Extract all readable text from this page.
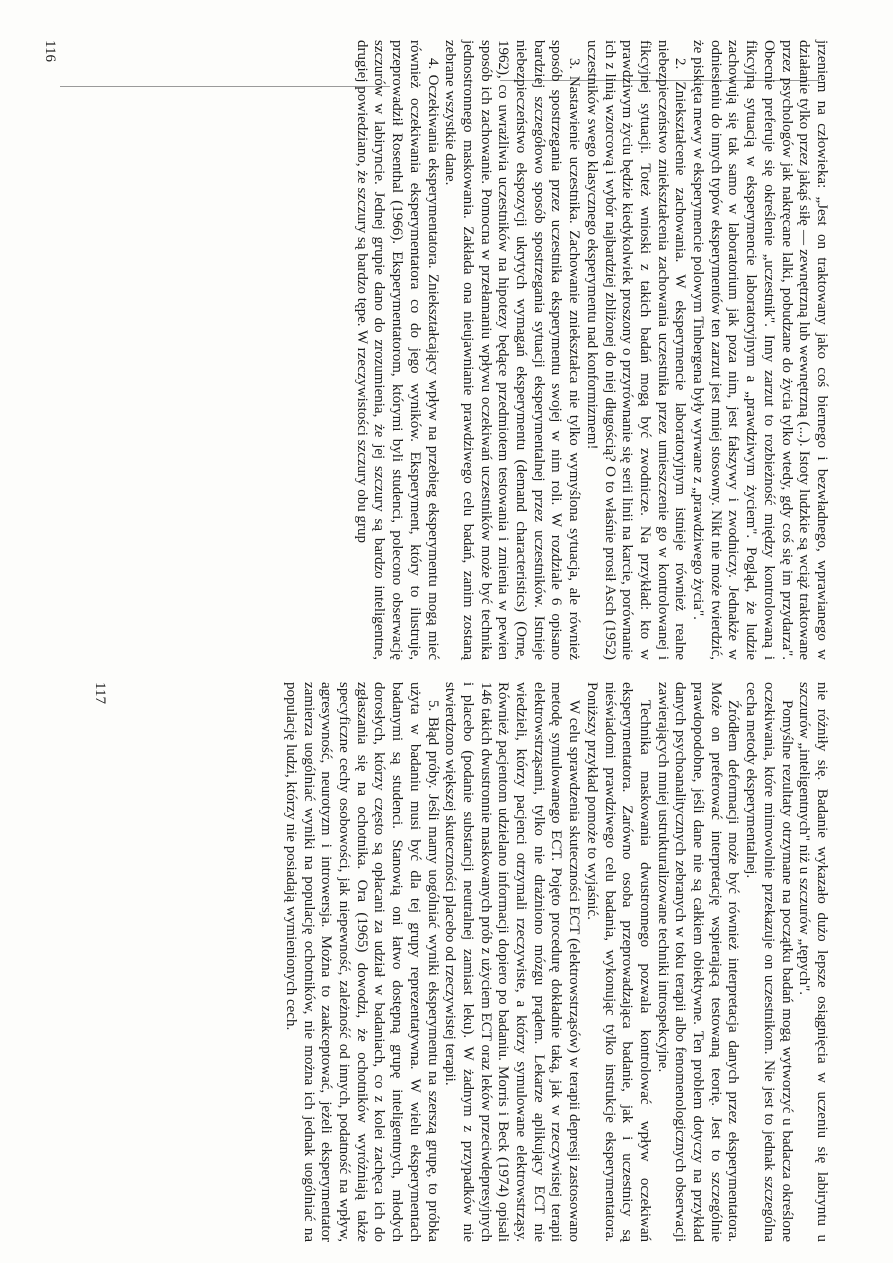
nie różniły się. Badanie wykazało dużo lepsze osiągnięcia w uczeniu się labiryntu u szczurów „inteligentnych" niż u szczurów „tępych".

Pomyślne rezultaty otrzymane na początku badań mogą wytworzyć u badacza określone oczekiwania, które mimowolnie przekazuje on uczestnikom. Nie jest to jednak szczególna cecha metody eksperymentalnej.

Źródłem deformacji może być również interpretacja danych przez eksperymentatora. Może on preferować interpretację wspierającą testowaną teorię. Jest to szczególnie prawdopodobne, jeśli dane nie są całkiem obiektywne. Ten problem dotyczy na przykład danych psychoanalitycznych zebranych w toku terapii albo fenomenologicznych obserwacji zawierających mniej ustrukturalizowane techniki introspekcyjne.

Technika maskowania dwustronnego pozwala kontrolować wpływ oczekiwań eksperymentatora. Zarówno osoba przeprowadzająca badanie, jak i uczestnicy są nieświadomi prawdziwego celu badania, wykonując tylko instrukcje eksperymentatora. Poniższy przykład pomoże to wyjaśnić.

W celu sprawdzenia skuteczności ECT (elektrowstrząsów) w terapii depresji zastosowano metodę symulowanego ECT. Pojęto procedurę dokładnie taką, jak w rzeczywistej terapii elektrowstrząsami, tylko nie drażniono mózgu prądem. Lekarze aplikujący ECT nie wiedzieli, którzy pacjenci otrzymali rzeczywiste, a którzy symulowane elektrowstrząsy. Również pacjentom udzielano informacji dopiero po badaniu. Morris i Beck (1974) opisali 146 takich dwustronnie maskowanych prób z użyciem ECT oraz leków przeciwdepresyjnych i placebo (podanie substancji neutralnej zamiast leku). W żadnym z przypadków nie stwierdzono większej skuteczności placebo od rzeczywistej terapii.

5. Błąd próby. Jeśli mamy uogólniać wyniki eksperymentu na szerszą grupę, to próbka użyta w badaniu musi być dla tej grupy reprezentatywna. W wielu eksperymentach badanymi są studenci. Stanowią oni łatwo dostępną grupę inteligentnych, młodych dorosłych, którzy często są opłacani za udział w badaniach, co z kolei zachęca ich do zgłaszania się na ochotnika. Ora (1965) dowodzi, że ochotników wyróżniają także specyficzne cechy osobowości, jak niepewność, zależność od innych, podatność na wpływ, agresywność, neurotyzm i introwersja. Można to zaakceptować, jeżeli eksperymentator zamierza uogólniać wyniki na populację ochotników, nie można ich jednak uogólniać na populację ludzi, którzy nie posiadają wymienionych cech.

117

jrzeniem na człowieka: „Jest on traktowany jako coś biernego i bezwładnego, wprawianego w działanie tylko przez jakąś siłę — zewnętrzną lub wewnętrzną (...). Istoty ludzkie są wciąż traktowane przez psychologów jak nakręcane lalki, pobudzane do życia tylko wtedy, gdy coś się im przydarza". Obecnie preferuje się określenie „uczestnik". Inny zarzut to rozbieżność między kontrolowaną i fikcyjną sytuacją w eksperymencie laboratoryjnym a „prawdziwym życiem". Pogląd, że ludzie zachowują się tak samo w laboratorium jak poza nim, jest fałszywy i zwodniczy. Jednakże w odniesieniu do innych typów eksperymentów ten zarzut jest mniej stosowny. Nikt nie może twierdzić, że piskięta mewy w eksperymencie polowym Tinbergena były wyrwane z „prawdziwego życia".

2. Zniekształcenie zachowania. W eksperymencie laboratoryjnym istnieje również realne niebezpieczeństwo zniekształcenia zachowania uczestnika przez umieszczenie go w kontrolowanej i fikcyjnej sytuacji. Toteż wnioski z takich badań mogą być zwodnicze. Na przykład: kto w prawdziwym życiu będzie kiedykolwiek proszony o przyrównanie się serii linii na karcie, porównanie ich z linią wzorcową i wybór najbardziej zbliżonej do niej długością? O to właśnie prosił Asch (1952) uczestników swego klasycznego eksperymentu nad konformizmem!

3. Nastawienie uczestnika. Zachowanie zniekształca nie tylko wymyślona sytuacja, ale również sposób spostrzegania przez uczestnika eksperymentu swojej w nim roli. W rozdziale 6 opisano bardziej szczegółowo sposób spostrzegania sytuacji eksperymentalnej przez uczestników. Istnieje niebezpieczeństwo ekspozycji ukrytych wymagań eksperymentu (demand characteristics) (Orne, 1962), co uwrażliwia uczestników na hipotezy będące przedmiotem testowania i zmienia w pewien sposób ich zachowanie. Pomocna w przełamaniu wpływu oczekiwań uczestników może być technika jednostronnego maskowania. Zakłada ona nieujawnianie prawdziwego celu badań, zanim zostaną zebrane wszystkie dane.

4. Oczekiwania eksperymentatora. Zniekształcający wpływ na przebieg eksperymentu mogą mieć również oczekiwania eksperymentatora co do jego wyników. Eksperyment, który to ilustruje, przeprowadził Rosenthal (1966). Eksperymentatorom, którymi byli studenci, polecono obserwację szczurów w labiryncie. Jednej grupie dano do zrozumienia, że jej szczury są bardzo inteligentne, drugiej powiedziano, że szczury są bardzo tępe. W rzeczywistości szczury obu grup

116
